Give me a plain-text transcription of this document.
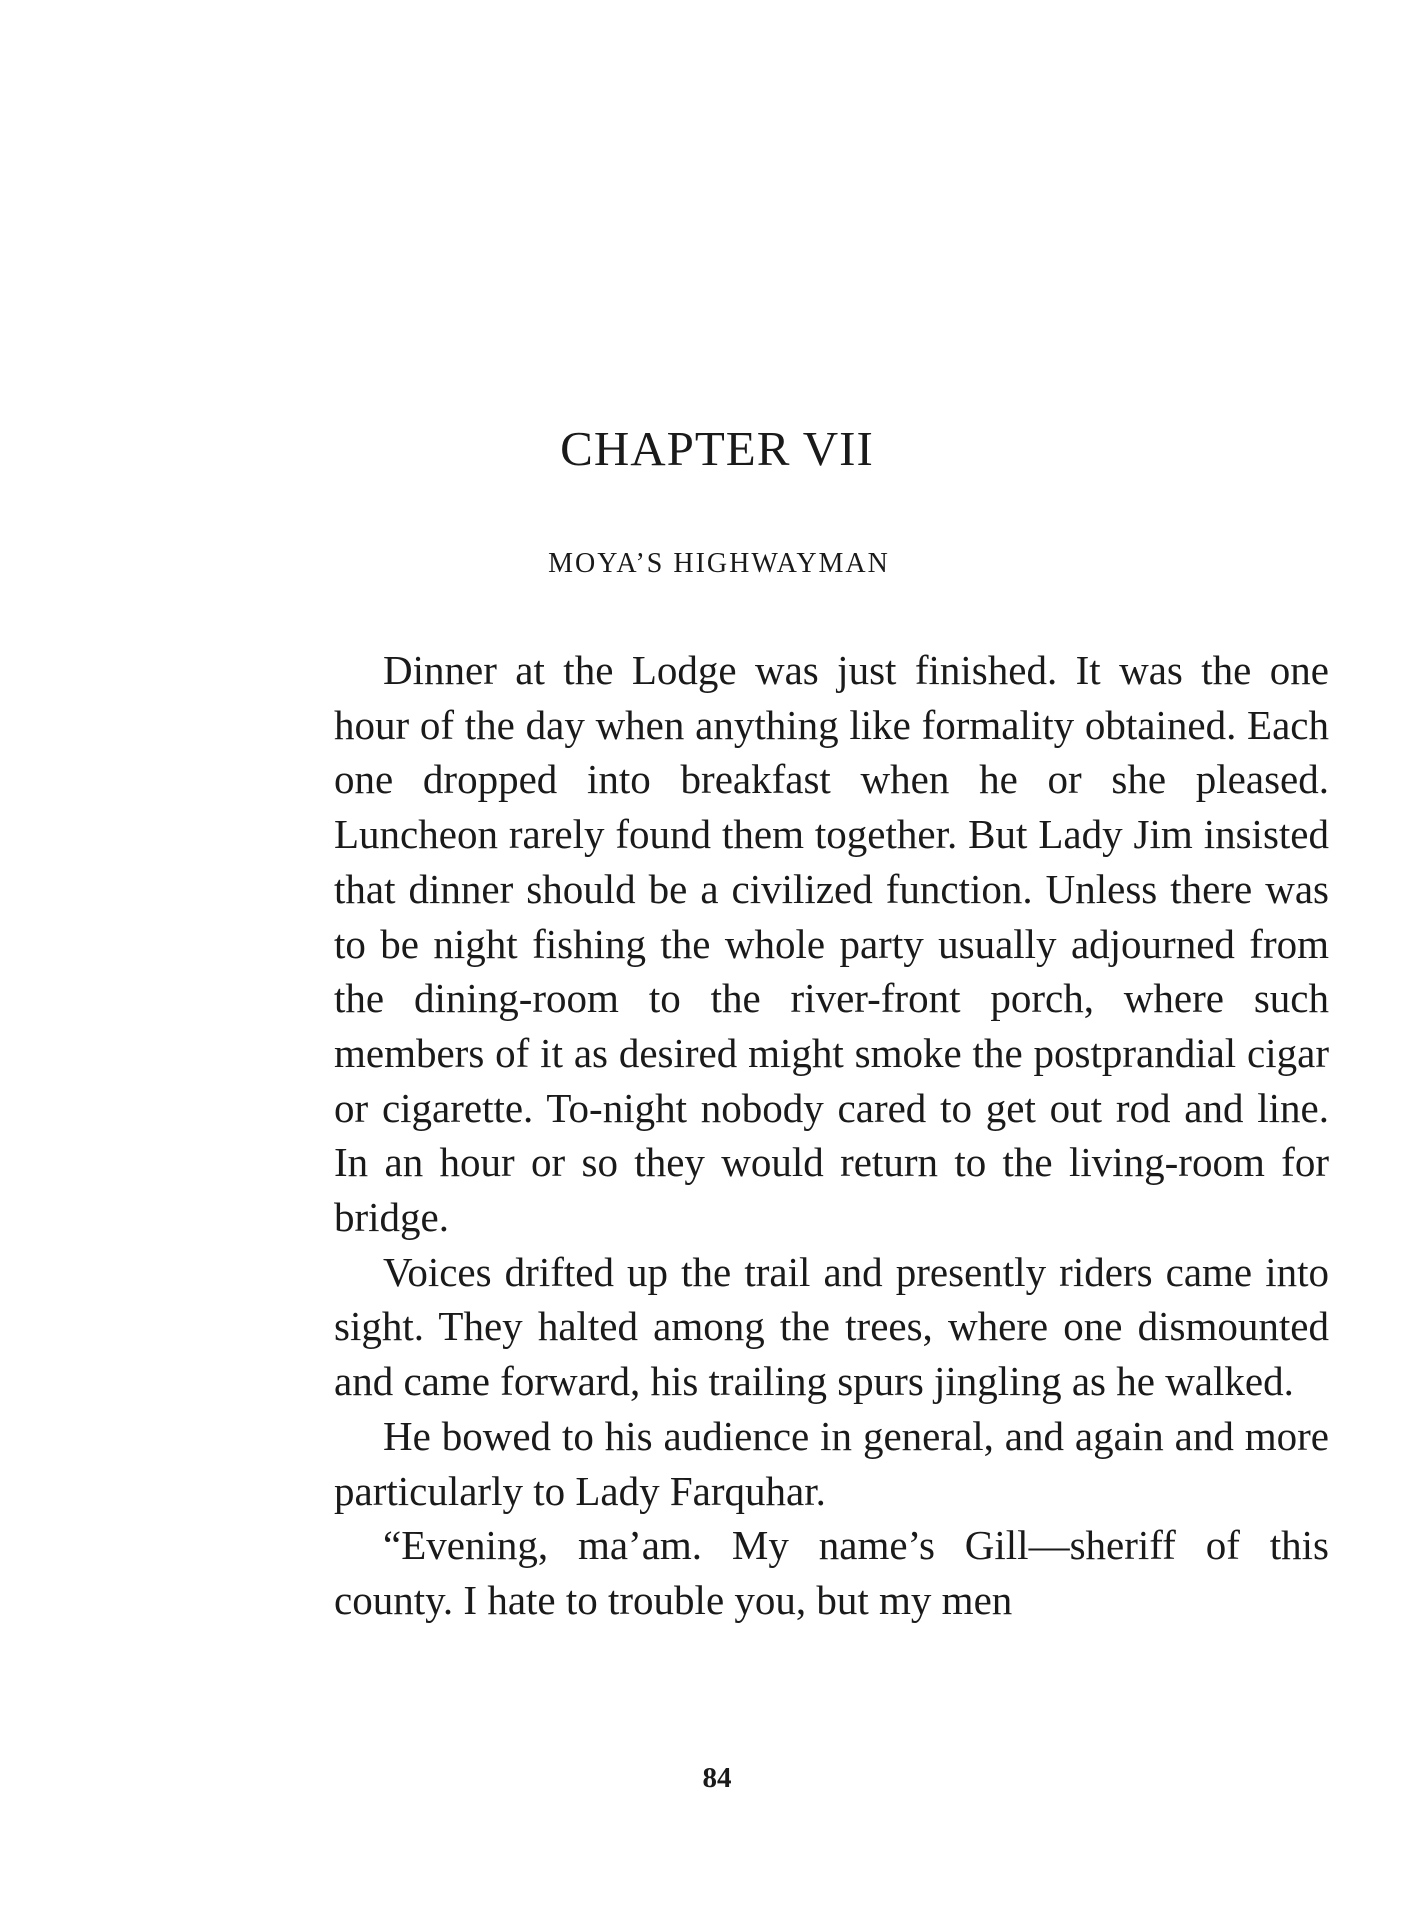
CHAPTER VII
MOYA’S HIGHWAYMAN

Dinner at the Lodge was just finished. It was the one hour of the day when anything like formality obtained. Each one dropped into breakfast when he or she pleased. Luncheon rarely found them together. But Lady Jim insisted that dinner should be a civilized function. Unless there was to be night fishing the whole party usually adjourned from the dining-room to the river-front porch, where such members of it as desired might smoke the postprandial cigar or cigarette. To-night nobody cared to get out rod and line. In an hour or so they would return to the living-room for bridge.

Voices drifted up the trail and presently riders came into sight. They halted among the trees, where one dismounted and came forward, his trailing spurs jingling as he walked.

He bowed to his audience in general, and again and more particularly to Lady Farquhar.

“Evening, ma’am. My name’s Gill—sheriff of this county. I hate to trouble you, but my men

84
